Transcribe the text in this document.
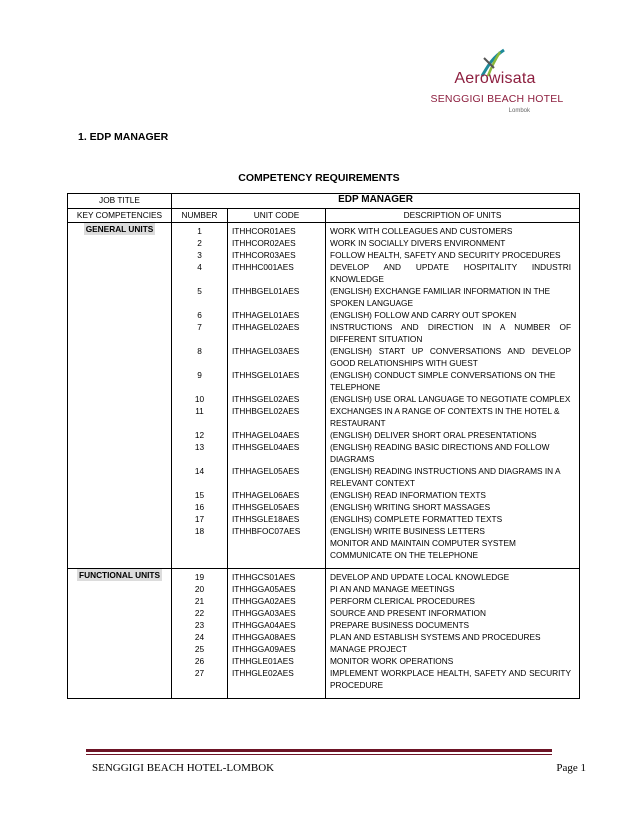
Aerowisata
SENGGIGI BEACH HOTEL
Lombok
1. EDP MANAGER
COMPETENCY REQUIREMENTS
JOB TITLE	EDP MANAGER		
KEY COMPETENCIES	NUMBER	UNIT CODE	DESCRIPTION OF UNITS
GENERAL UNITS	1	ITHHCOR01AES	WORK WITH COLLEAGUES AND CUSTOMERS
	2	ITHHCOR02AES	WORK IN SOCIALLY DIVERS ENVIRONMENT
	3	ITHHCOR03AES	FOLLOW HEALTH, SAFETY AND SECURITY PROCEDURES
	4	ITHHHC001AES	DEVELOP AND UPDATE HOSPITALITY INDUSTRI KNOWLEDGE
	5	ITHHBGEL01AES	(ENGLISH) EXCHANGE FAMILIAR INFORMATION IN THE SPOKEN LANGUAGE
	6	ITHHAGEL01AES	(ENGLISH) FOLLOW AND CARRY OUT SPOKEN
	7	ITHHAGEL02AES	INSTRUCTIONS AND DIRECTION IN A NUMBER OF DIFFERENT SITUATION
	8	ITHHAGEL03AES	(ENGLISH) START UP CONVERSATIONS AND DEVELOP GOOD RELATIONSHIPS WITH GUEST
	9	ITHHSGEL01AES	(ENGLISH) CONDUCT SIMPLE CONVERSATIONS ON THE TELEPHONE
	10	ITHHSGEL02AES	(ENGLISH) USE ORAL LANGUAGE TO NEGOTIATE COMPLEX
	11	ITHHBGEL02AES	EXCHANGES IN A RANGE OF CONTEXTS IN THE HOTEL & RESTAURANT
	12	ITHHAGEL04AES	(ENGLISH) DELIVER SHORT ORAL PRESENTATIONS
	13	ITHHSGEL04AES	(ENGLISH) READING BASIC DIRECTIONS AND FOLLOW DIAGRAMS
	14	ITHHAGEL05AES	(ENGLISH) READING INSTRUCTIONS AND DIAGRAMS IN A RELEVANT CONTEXT
	15	ITHHAGEL06AES	(ENGLISH) READ INFORMATION TEXTS
	16	ITHHSGEL05AES	(ENGLISH) WRITING SHORT MASSAGES
	17	ITHHSGLE18AES	(ENGLIHS) COMPLETE FORMATTED TEXTS
	18	ITHHBFOC07AES	(ENGLISH) WRITE BUSINESS LETTERS
			MONITOR AND MAINTAIN COMPUTER SYSTEM
			COMMUNICATE ON THE TELEPHONE

FUNCTIONAL UNITS	19	ITHHGCS01AES	DEVELOP AND UPDATE LOCAL KNOWLEDGE
	20	ITHHGGA05AES	PI AN AND MANAGE MEETINGS
	21	ITHHGGA02AES	PERFORM CLERICAL PROCEDURES
	22	ITHHGGA03AES	SOURCE AND PRESENT INFORMATION
	23	ITHHGGA04AES	PREPARE BUSINESS DOCUMENTS
	24	ITHHGGA08AES	PLAN AND ESTABLISH SYSTEMS AND PROCEDURES
	25	ITHHGGA09AES	MANAGE PROJECT
	26	ITHHGLE01AES	MONITOR WORK OPERATIONS
	27	ITHHGLE02AES	IMPLEMENT WORKPLACE HEALTH, SAFETY AND SECURITY PROCEDURE

SENGGIGI BEACH HOTEL-LOMBOK	Page 1
